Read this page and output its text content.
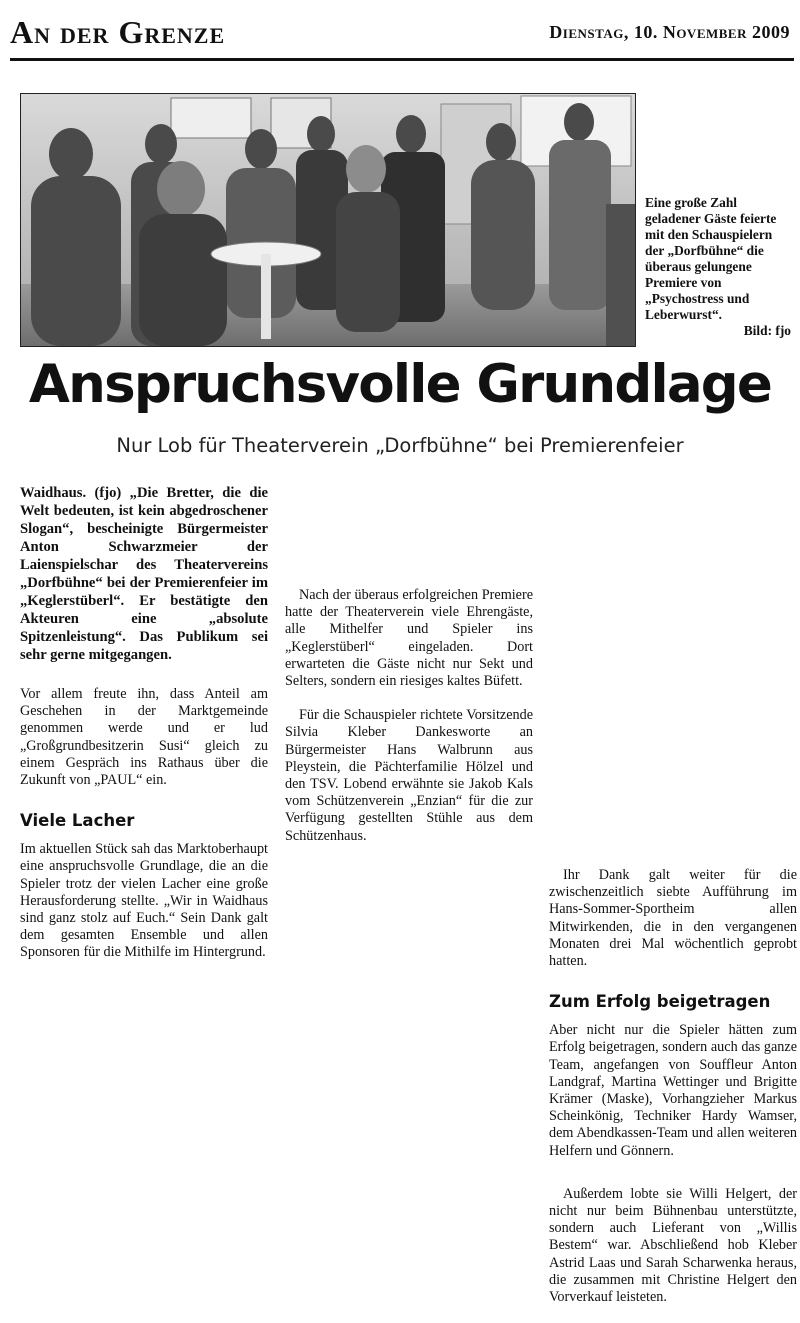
An der Grenze	Dienstag, 10. November 2009
Eine große Zahl geladener Gäste feierte mit den Schauspielern der „Dorfbühne“ die überaus gelungene Premiere von „Psychostress und Leberwurst“.
Bild: fjo
Anspruchsvolle Grundlage
Nur Lob für Theaterverein „Dorfbühne“ bei Premierenfeier

Waidhaus. (fjo) „Die Bretter, die die Welt bedeuten, ist kein abgedroschener Slogan“, bescheinigte Bürgermeister Anton Schwarzmeier der Laienspielschar des Theatervereins „Dorfbühne“ bei der Premierenfeier im „Keglerstüberl“. Er bestätigte den Akteuren eine „absolute Spitzenleistung“. Das Publikum sei sehr gerne mitgegangen.

Vor allem freute ihn, dass Anteil am Geschehen in der Marktgemeinde genommen werde und er lud „Großgrundbesitzerin Susi“ gleich zu einem Gespräch ins Rathaus über die Zukunft von „PAUL“ ein.

Viele Lacher

Im aktuellen Stück sah das Marktoberhaupt eine anspruchsvolle Grundlage, die an die Spieler trotz der vielen Lacher eine große Herausforderung stellte. „Wir in Waidhaus sind ganz stolz auf Euch.“ Sein Dank galt dem gesamten Ensemble und allen Sponsoren für die Mithilfe im Hintergrund.

Nach der überaus erfolgreichen Premiere hatte der Theaterverein viele Ehrengäste, alle Mithelfer und Spieler ins „Keglerstüberl“ eingeladen. Dort erwarteten die Gäste nicht nur Sekt und Selters, sondern ein riesiges kaltes Büfett.

Für die Schauspieler richtete Vorsitzende Silvia Kleber Dankesworte an Bürgermeister Hans Walbrunn aus Pleystein, die Pächterfamilie Hölzel und den TSV. Lobend erwähnte sie Jakob Kals vom Schützenverein „Enzian“ für die zur Verfügung gestellten Stühle aus dem Schützenhaus.

Ihr Dank galt weiter für die zwischenzeitlich siebte Aufführung im Hans-Sommer-Sportheim allen Mitwirkenden, die in den vergangenen Monaten drei Mal wöchentlich geprobt hatten.

Zum Erfolg beigetragen

Aber nicht nur die Spieler hätten zum Erfolg beigetragen, sondern auch das ganze Team, angefangen von Souffleur Anton Landgraf, Martina Wettinger und Brigitte Krämer (Maske), Vorhangzieher Markus Scheinkönig, Techniker Hardy Wamser, dem Abendkassen-Team und allen weiteren Helfern und Gönnern.

Außerdem lobte sie Willi Helgert, der nicht nur beim Bühnenbau unterstützte, sondern auch Lieferant von „Willis Bestem“ war. Abschließend hob Kleber Astrid Laas und Sarah Scharwenka heraus, die zusammen mit Christine Helgert den Vorverkauf leisteten.
